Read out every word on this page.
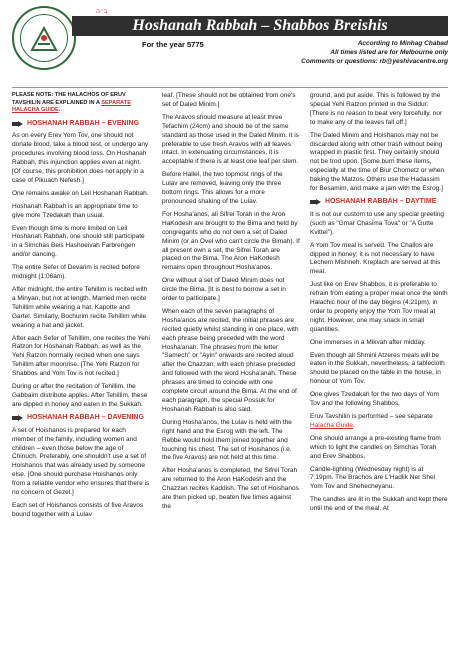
Hoshanah Rabbah – Shabbos Breishis
ב״ה
For the year 5775	According to Minhag Chabad
All times listed are for Melbourne only
Comments or questions: rb@yeshivacentre.org

PLEASE NOTE: THE HALACHOS OF ERUV TAVSHILIN ARE EXPLAINED IN A SEPARATE HALACHA GUIDE.

HOSHANAH RABBAH – EVENING

As on every Erev Yom Tov, one should not donate blood, take a blood test, or undergo any procedures involving blood loss. On Hoshanah Rabbah, this injunction applies even at night. [Of course, this prohibition does not apply in a case of Pikuach Nefesh.]

One remains awake on Leil Hoshanah Rabbah.

Hoshanah Rabbah is an appropriate time to give more Tzedakah than usual.

Even though time is more limited on Leil Hoshanah Rabbah, one should still participate in a Simchas Beis Hashoeivah Farbrengen and/or dancing.

The entire Sefer of Devarim is recited before midnight (1:06am).

After midnight, the entire Tehillim is recited with a Minyan, but not at length. Married men recite Tehillim while wearing a hat, Kapotte and Gartel. Similarly, Bochurim recite Tehillim while wearing a hat and jacket.

After each Sefer of Tehillim, one recites the Yehi Ratzon for Hoshanah Rabbah, as well as the Yehi Ratzon normally recited when one says Tehillim after moonrise. [The Yehi Ratzon for Shabbos and Yom Tov is not recited.]

During or after the recitation of Tehillim, the Gabbaim distribute apples. After Tehillim, these are dipped in honey and eaten in the Sukkah.

HOSHANAH RABBAH – DAVENING

A set of Hoishanos is prepared for each member of the family, including women and children – even those below the age of Chinuch. Preferably, one shouldn't use a set of Hoishanos that was already used by someone else. [One should purchase Hoishanos only from a reliable vendor who ensures that there is no concern of Gezel.]

Each set of Hoishanos consists of five Aravos bound together with a Lulav

leaf. [These should not be obtained from one's set of Daled Minim.]

The Aravos should measure at least three Tefachim (24cm) and should be of the same standard as those used in the Daled Minim. It is preferable to use fresh Aravos with all leaves intact. In extenuating circumstances, it is acceptable if there is at least one leaf per stem.

Before Hallel, the two topmost rings of the Lulav are removed, leaving only the three bottom rings. This allows for a more pronounced shaking of the Lulav.

For Hosha'anos, all Sifrei Torah in the Aron HaKodesh are brought to the Bima and held by congregants who do not own a set of Daled Minim (or an Ovel who can't circle the Bimah). If all present own a set, the Sifrei Torah are placed on the Bima. The Aron HaKodesh remains open throughout Hosha'anos.

One without a set of Daled Minim does not circle the Bima. [It is best to borrow a set in order to participate.]

When each of the seven paragraphs of Hosha'anos are recited, the initial phrases are recited quietly whilst standing in one place, with each phrase being preceded with the word Hosha'anah. The phrases from the letter "Samech" or "Ayin" onwards are recited aloud after the Chazzan, with each phrase preceded and followed with the word Hosha'anah. These phrases are timed to coincide with one complete circuit around the Bima. At the end of each paragraph, the special Possuk for Hoshanah Rabbah is also said.

During Hosha'anos, the Lulav is held with the right hand and the Esrog with the left. The Rebbe would hold them joined together and touching his chest. The set of Hoishanos (i.e. the five Aravos) are not held at this time.

After Hosha'anos is completed, the Sifrei Torah are returned to the Aron HaKodesh and the Chazzan recites Kaddish. The set of Hoishanos are then picked up, beaten five times against the

ground, and put aside. This is followed by the special Yehi Ratzon printed in the Siddur. [There is no reason to beat very forcefully, nor to make any of the leaves fall off.]

The Daled Minim and Hoishanos may not be discarded along with other trash without being wrapped in plastic first. They certainly should not be trod upon. [Some burn these items, especially at the time of Biur Chometz or when baking the Matzos. Others use the Hadassim for Besamim, and make a jam with the Esrog.]

HOSHANAH RABBAH – DAYTIME

It is not our custom to use any special greeting (such as "Gmar Chasima Tova" or "A Gutte Kvittel").

A Yom Tov meal is served. The Challos are dipped in honey; it is not necessary to have Lechem Mishneh. Kreplach are served at this meal.

Just like on Erev Shabbos, it is preferable to refrain from eating a proper meal once the tenth Halachic hour of the day begins (4:21pm), in order to properly enjoy the Yom Tov meal at night. However, one may snack in small quantities.

One immerses in a Mikvah after midday.

Even though all Shmini Atzeres meals will be eaten in the Sukkah, nevertheless, a tablecloth should be placed on the table in the house, in honour of Yom Tov.

One gives Tzedakah for the two days of Yom Tov and the following Shabbos.

Eruv Tavshilin is performed – see separate Halacha Guide.

One should arrange a pre-existing flame from which to light the candles on Simchas Torah and Erev Shabbos.

Candle-lighting (Wednesday night) is at 7:19pm. The Brachos are L'Hadlik Ner Shel Yom Tov and Shehecheyanu.

The candles are lit in the Sukkah and kept there until the end of the meal. At
